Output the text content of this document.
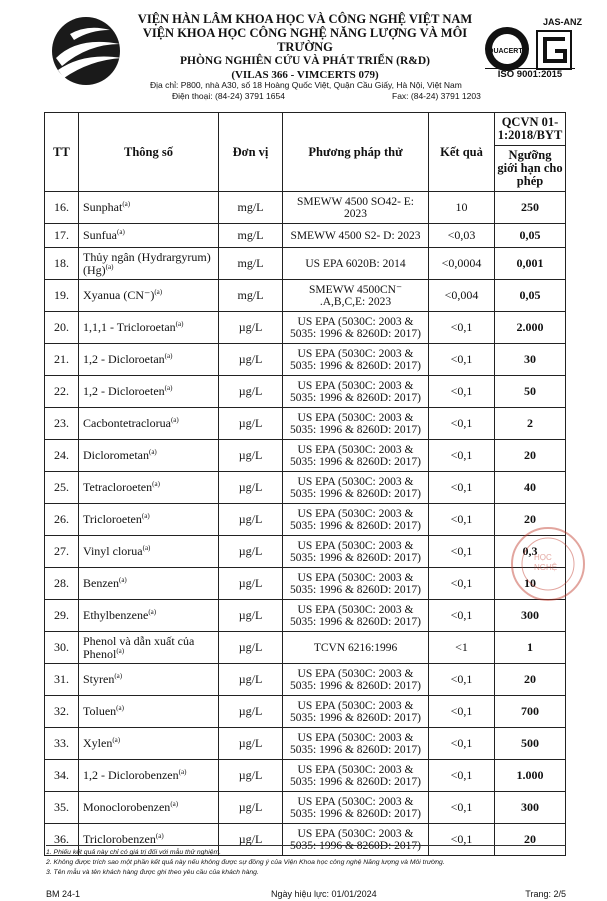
VIỆN HÀN LÂM KHOA HỌC VÀ CÔNG NGHỆ VIỆT NAM
VIỆN KHOA HỌC CÔNG NGHỆ NĂNG LƯỢNG VÀ MÔI TRƯỜNG
PHÒNG NGHIÊN CỨU VÀ PHÁT TRIỂN (R&D)
(VILAS 366 - VIMCERTS 079)
Địa chỉ: P800, nhà A30, số 18 Hoàng Quốc Việt, Quận Cầu Giấy, Hà Nội, Việt Nam
Điện thoại: (84-24) 3791 1654	Fax: (84-24) 3791 1203
JAS-ANZ
QUACERT
ISO 9001:2015
TT	Thông số	Đơn vị	Phương pháp thử	Kết quả	QCVN 01-1:2018/BYT
Ngưỡng giới hạn cho phép

16.	Sunphat$^{(a)}$	mg/L	SMEWW 4500 SO42- E:
2023	10	250
17.	Sunfua$^{(a)}$	mg/L	SMEWW 4500 S2- D: 2023	<0,03	0,05
18.	Thủy ngân (Hydrargyrum) $(Hg)^{(a)}$	mg/L	US EPA 6020B: 2014	<0,0004	0,001
19.	Xyanua $(CN^-)^{(a)}$	mg/L	SMEWW 4500CN⁻
.A,B,C,E: 2023	<0,004	0,05
20.	1,1,1 - Tricloroetan$^{(a)}$	µg/L	US EPA (5030C: 2003 &
5035: 1996 & 8260D: 2017)	<0,1	2.000
21.	1,2 - Dicloroetan$^{(a)}$	µg/L	US EPA (5030C: 2003 &
5035: 1996 & 8260D: 2017)	<0,1	30
22.	1,2 - Dicloroeten$^{(a)}$	µg/L	US EPA (5030C: 2003 &
5035: 1996 & 8260D: 2017)	<0,1	50
23.	Cacbontetraclorua$^{(a)}$	µg/L	US EPA (5030C: 2003 &
5035: 1996 & 8260D: 2017)	<0,1	2
24.	Diclorometan$^{(a)}$	µg/L	US EPA (5030C: 2003 &
5035: 1996 & 8260D: 2017)	<0,1	20
25.	Tetracloroeten$^{(a)}$	µg/L	US EPA (5030C: 2003 &
5035: 1996 & 8260D: 2017)	<0,1	40
26.	Tricloroeten$^{(a)}$	µg/L	US EPA (5030C: 2003 &
5035: 1996 & 8260D: 2017)	<0,1	20
27.	Vinyl clorua$^{(a)}$	µg/L	US EPA (5030C: 2003 &
5035: 1996 & 8260D: 2017)	<0,1	0,3
28.	Benzen$^{(a)}$	µg/L	US EPA (5030C: 2003 &
5035: 1996 & 8260D: 2017)	<0,1	10
29.	Ethylbenzene$^{(a)}$	µg/L	US EPA (5030C: 2003 &
5035: 1996 & 8260D: 2017)	<0,1	300
30.	Phenol và dẫn xuất của Phenol$^{(a)}$	µg/L	TCVN 6216:1996	<1	1
31.	Styren$^{(a)}$	µg/L	US EPA (5030C: 2003 &
5035: 1996 & 8260D: 2017)	<0,1	20
32.	Toluen$^{(a)}$	µg/L	US EPA (5030C: 2003 &
5035: 1996 & 8260D: 2017)	<0,1	700
33.	Xylen$^{(a)}$	µg/L	US EPA (5030C: 2003 &
5035: 1996 & 8260D: 2017)	<0,1	500
34.	1,2 - Diclorobenzen$^{(a)}$	µg/L	US EPA (5030C: 2003 &
5035: 1996 & 8260D: 2017)	<0,1	1.000
35.	Monoclorobenzen$^{(a)}$	µg/L	US EPA (5030C: 2003 &
5035: 1996 & 8260D: 2017)	<0,1	300
36.	Triclorobenzen$^{(a)}$	µg/L	US EPA (5030C: 2003 &
5035: 1996 & 8260D: 2017)	<0,1	20
HỌC
NGHỆ
1. Phiếu kết quả này chỉ có giá trị đối với mẫu thử nghiệm.
2. Không được trích sao một phần kết quả này nếu không được sự đồng ý của Viện Khoa học công nghệ Năng lượng và Môi trường.
3. Tên mẫu và tên khách hàng được ghi theo yêu cầu của khách hàng.
BM 24-1	Ngày hiệu lực: 01/01/2024	Trang: 2/5
